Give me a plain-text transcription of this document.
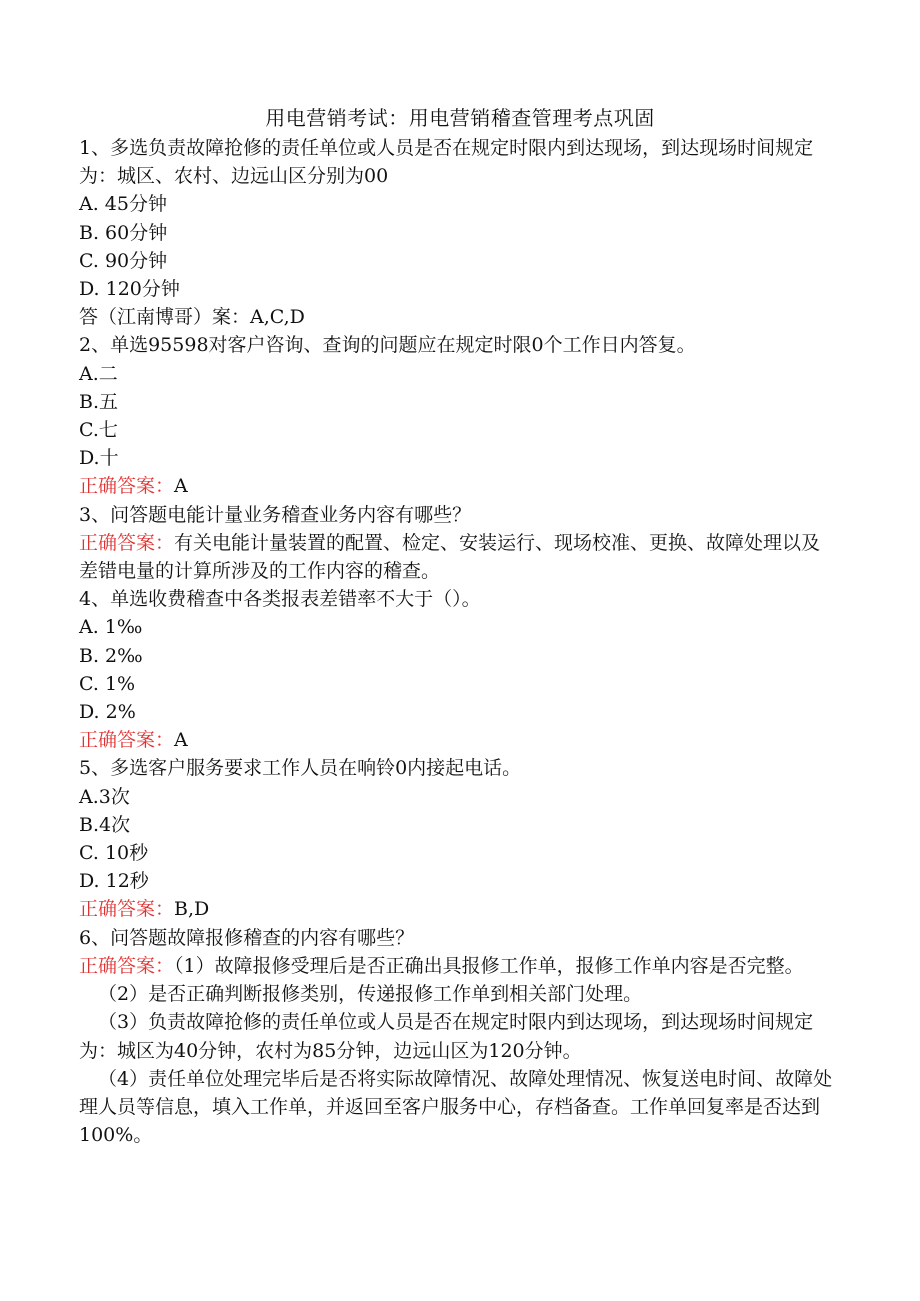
用电营销考试：用电营销稽查管理考点巩固

1、多选负责故障抢修的责任单位或人员是否在规定时限内到达现场，到达现场时间规定为：城区、农村、边远山区分别为00

A. 45分钟

B. 60分钟

C. 90分钟

D. 120分钟

答（江南博哥）案：A,C,D

2、单选95598对客户咨询、查询的问题应在规定时限0个工作日内答复。

A.二

B.五

C.七

D.十

正确答案：A

3、问答题电能计量业务稽查业务内容有哪些？

正确答案：有关电能计量装置的配置、检定、安装运行、现场校准、更换、故障处理以及差错电量的计算所涉及的工作内容的稽查。

4、单选收费稽查中各类报表差错率不大于（）。

A. 1‰

B. 2‰

C. 1%

D. 2%

正确答案：A

5、多选客户服务要求工作人员在响铃0内接起电话。

A.3次

B.4次

C. 10秒

D. 12秒

正确答案：B,D

6、问答题故障报修稽查的内容有哪些？

正确答案：（1）故障报修受理后是否正确出具报修工作单，报修工作单内容是否完整。

（2）是否正确判断报修类别，传递报修工作单到相关部门处理。

（3）负责故障抢修的责任单位或人员是否在规定时限内到达现场，到达现场时间规定为：城区为40分钟，农村为85分钟，边远山区为120分钟。

（4）责任单位处理完毕后是否将实际故障情况、故障处理情况、恢复送电时间、故障处理人员等信息，填入工作单，并返回至客户服务中心，存档备查。工作单回复率是否达到100%。
